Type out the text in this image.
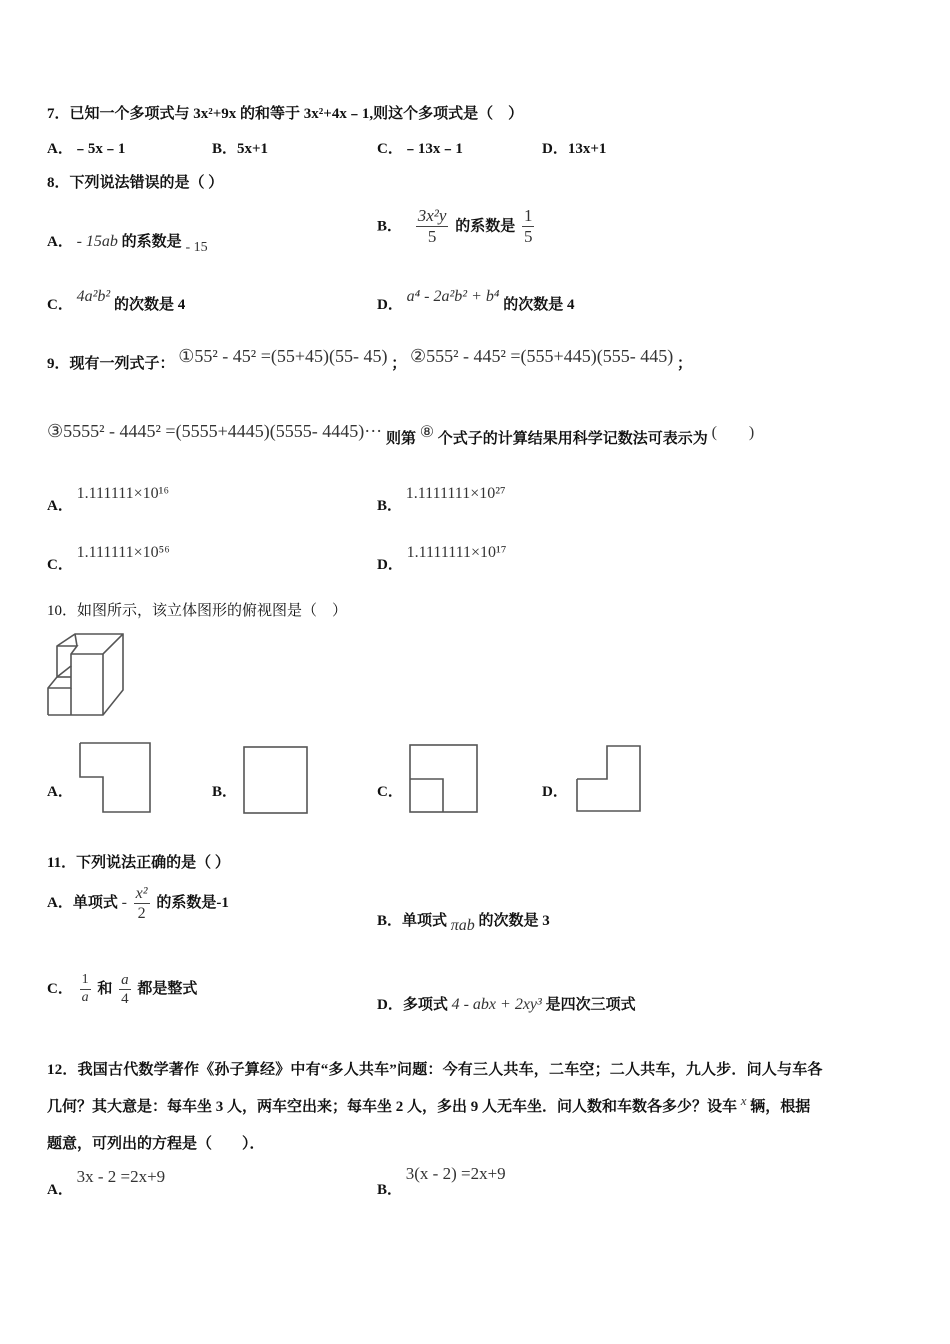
7．已知一个多项式与 3x²+9x 的和等于 3x²+4x﹣1,则这个多项式是（　）
A．﹣5x﹣1	B．5x+1	C．﹣13x﹣1	D．13x+1
8．下列说法错误的是（ ）
A． - 15ab 的系数是 - 15
B． $\frac{\text{3x²y}}{5}$ 的系数是 $\frac{1}{5}$
C． 4a²b² 的次数是 4	D． a⁴ - 2a²b² + b⁴ 的次数是 4
9．现有一列式子： ①55² - 45² =(55+45)(55- 45) ； ②555² - 445² =(555+445)(555- 445) ；
③5555² - 4445² =(5555+4445)(5555- 4445)··· 则第 ⑧ 个式子的计算结果用科学记数法可表示为 (　　)
A． 1.111111×10¹⁶
B． 1.1111111×10²⁷
C． 1.111111×10⁵⁶
D． 1.1111111×10¹⁷
10．如图所示，该立体图形的俯视图是（　）
A．	B．	C．	D．
11．下列说法正确的是（ ）
A．单项式 - $\frac{\text{x²}}{2}$ 的系数是-1
B．单项式 πab 的次数是 3
C． $\frac{1}{a}$ 和 $\frac{a}{4}$ 都是整式
D．多项式 4 - abx + 2xy³ 是四次三项式
12．我国古代数学著作《孙子算经》中有“多人共车”问题：今有三人共车，二车空；二人共车，九人步．问人与车各
几何？其大意是：每车坐 3 人，两车空出来；每车坐 2 人，多出 9 人无车坐．问人数和车数各多少？设车 x 辆，根据
题意，可列出的方程是（　　）．
A． 3x - 2 =2x+9
B． 3(x - 2) =2x+9
